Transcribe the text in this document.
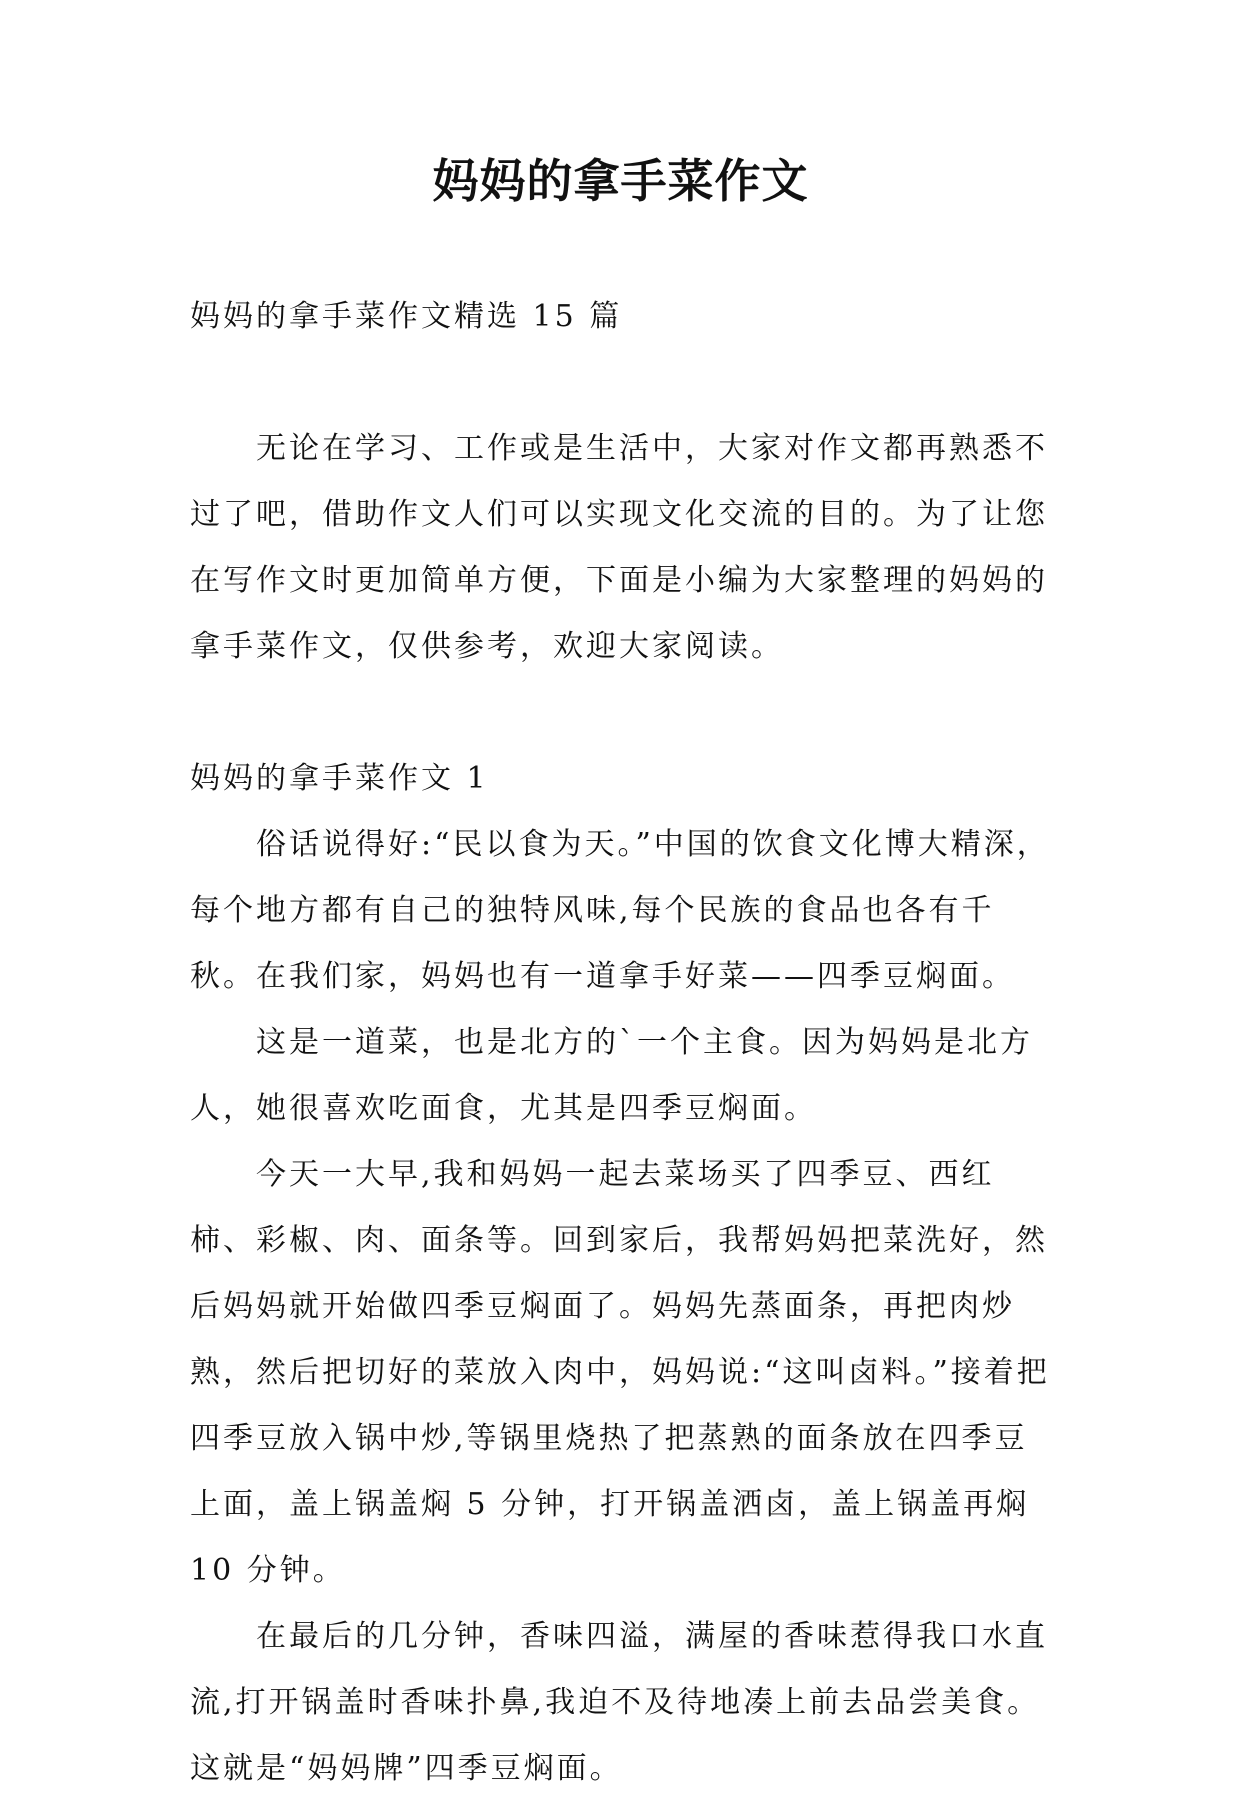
妈妈的拿手菜作文

妈妈的拿手菜作文精选 15 篇

无论在学习、工作或是生活中，大家对作文都再熟悉不过了吧，借助作文人们可以实现文化交流的目的。为了让您在写作文时更加简单方便，下面是小编为大家整理的妈妈的拿手菜作文，仅供参考，欢迎大家阅读。

妈妈的拿手菜作文 1

俗话说得好:“民以食为天。”中国的饮食文化博大精深，每个地方都有自己的独特风味,每个民族的食品也各有千秋。在我们家，妈妈也有一道拿手好菜——四季豆焖面。

这是一道菜，也是北方的`一个主食。因为妈妈是北方人，她很喜欢吃面食，尤其是四季豆焖面。

今天一大早,我和妈妈一起去菜场买了四季豆、西红柿、彩椒、肉、面条等。回到家后，我帮妈妈把菜洗好，然后妈妈就开始做四季豆焖面了。妈妈先蒸面条，再把肉炒熟，然后把切好的菜放入肉中，妈妈说:“这叫卤料。”接着把四季豆放入锅中炒,等锅里烧热了把蒸熟的面条放在四季豆上面，盖上锅盖焖 5 分钟，打开锅盖洒卤，盖上锅盖再焖 10 分钟。

在最后的几分钟，香味四溢，满屋的香味惹得我口水直流,打开锅盖时香味扑鼻,我迫不及待地凑上前去品尝美食。这就是“妈妈牌”四季豆焖面。
